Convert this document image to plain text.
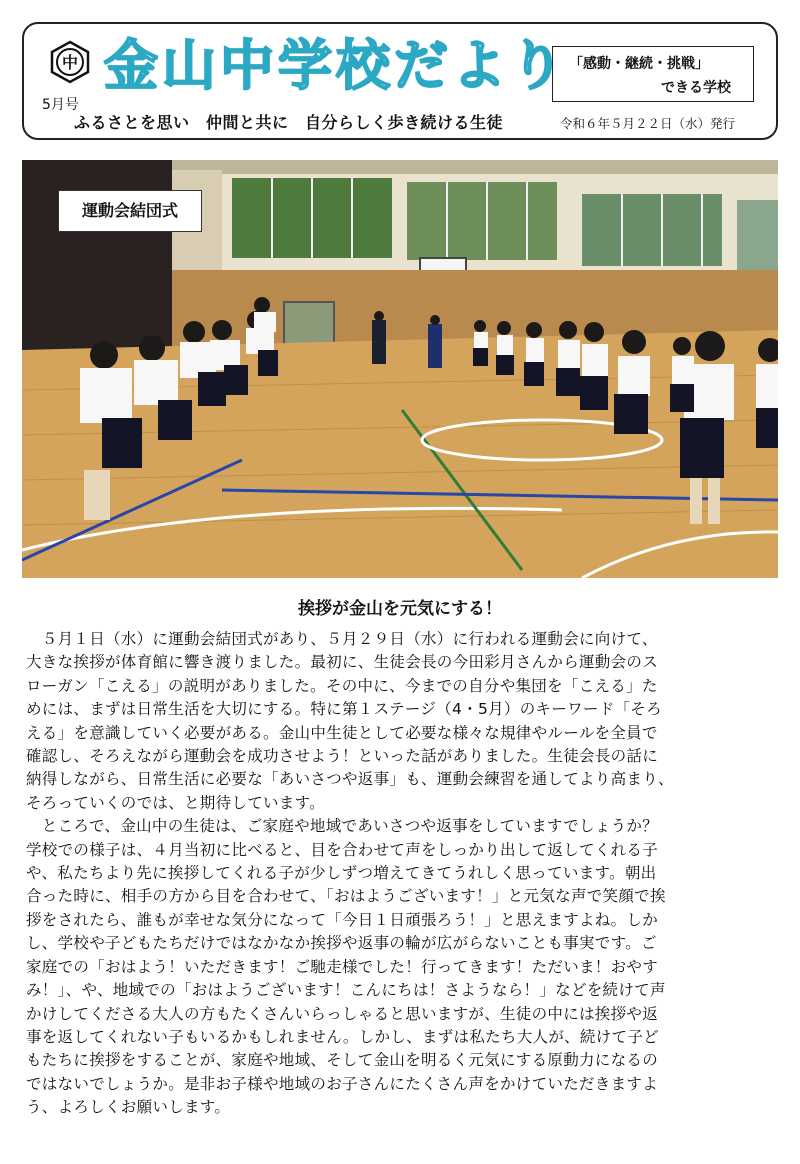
中
5月号
金山中学校だより 「感動・継続・挑戦」
できる学校
ふるさとを思い　仲間と共に　自分らしく歩き続ける生徒	令和６年５月２２日（水）発行
運動会結団式
挨拶が金山を元気にする！

　５月１日（水）に運動会結団式があり、５月２９日（水）に行われる運動会に向けて、

大きな挨拶が体育館に響き渡りました。最初に、生徒会長の今田彩月さんから運動会のス

ローガン「こえる」の説明がありました。その中に、今までの自分や集団を「こえる」た

めには、まずは日常生活を大切にする。特に第１ステージ（4・5月）のキーワード「そろ

える」を意識していく必要がある。金山中生徒として必要な様々な規律やルールを全員で

確認し、そろえながら運動会を成功させよう！といった話がありました。生徒会長の話に

納得しながら、日常生活に必要な「あいさつや返事」も、運動会練習を通してより高まり、

そろっていくのでは、と期待しています。

　ところで、金山中の生徒は、ご家庭や地域であいさつや返事をしていますでしょうか？

学校での様子は、４月当初に比べると、目を合わせて声をしっかり出して返してくれる子

や、私たちより先に挨拶してくれる子が少しずつ増えてきてうれしく思っています。朝出

合った時に、相手の方から目を合わせて、「おはようございます！」と元気な声で笑顔で挨

拶をされたら、誰もが幸せな気分になって「今日１日頑張ろう！」と思えますよね。しか

し、学校や子どもたちだけではなかなか挨拶や返事の輪が広がらないことも事実です。ご

家庭での「おはよう！いただきます！ご馳走様でした！行ってきます！ただいま！おやす

み！」、や、地域での「おはようございます！こんにちは！さようなら！」などを続けて声

かけしてくださる大人の方もたくさんいらっしゃると思いますが、生徒の中には挨拶や返

事を返してくれない子もいるかもしれません。しかし、まずは私たち大人が、続けて子ど

もたちに挨拶をすることが、家庭や地域、そして金山を明るく元気にする原動力になるの

ではないでしょうか。是非お子様や地域のお子さんにたくさん声をかけていただきますよ

う、よろしくお願いします。
